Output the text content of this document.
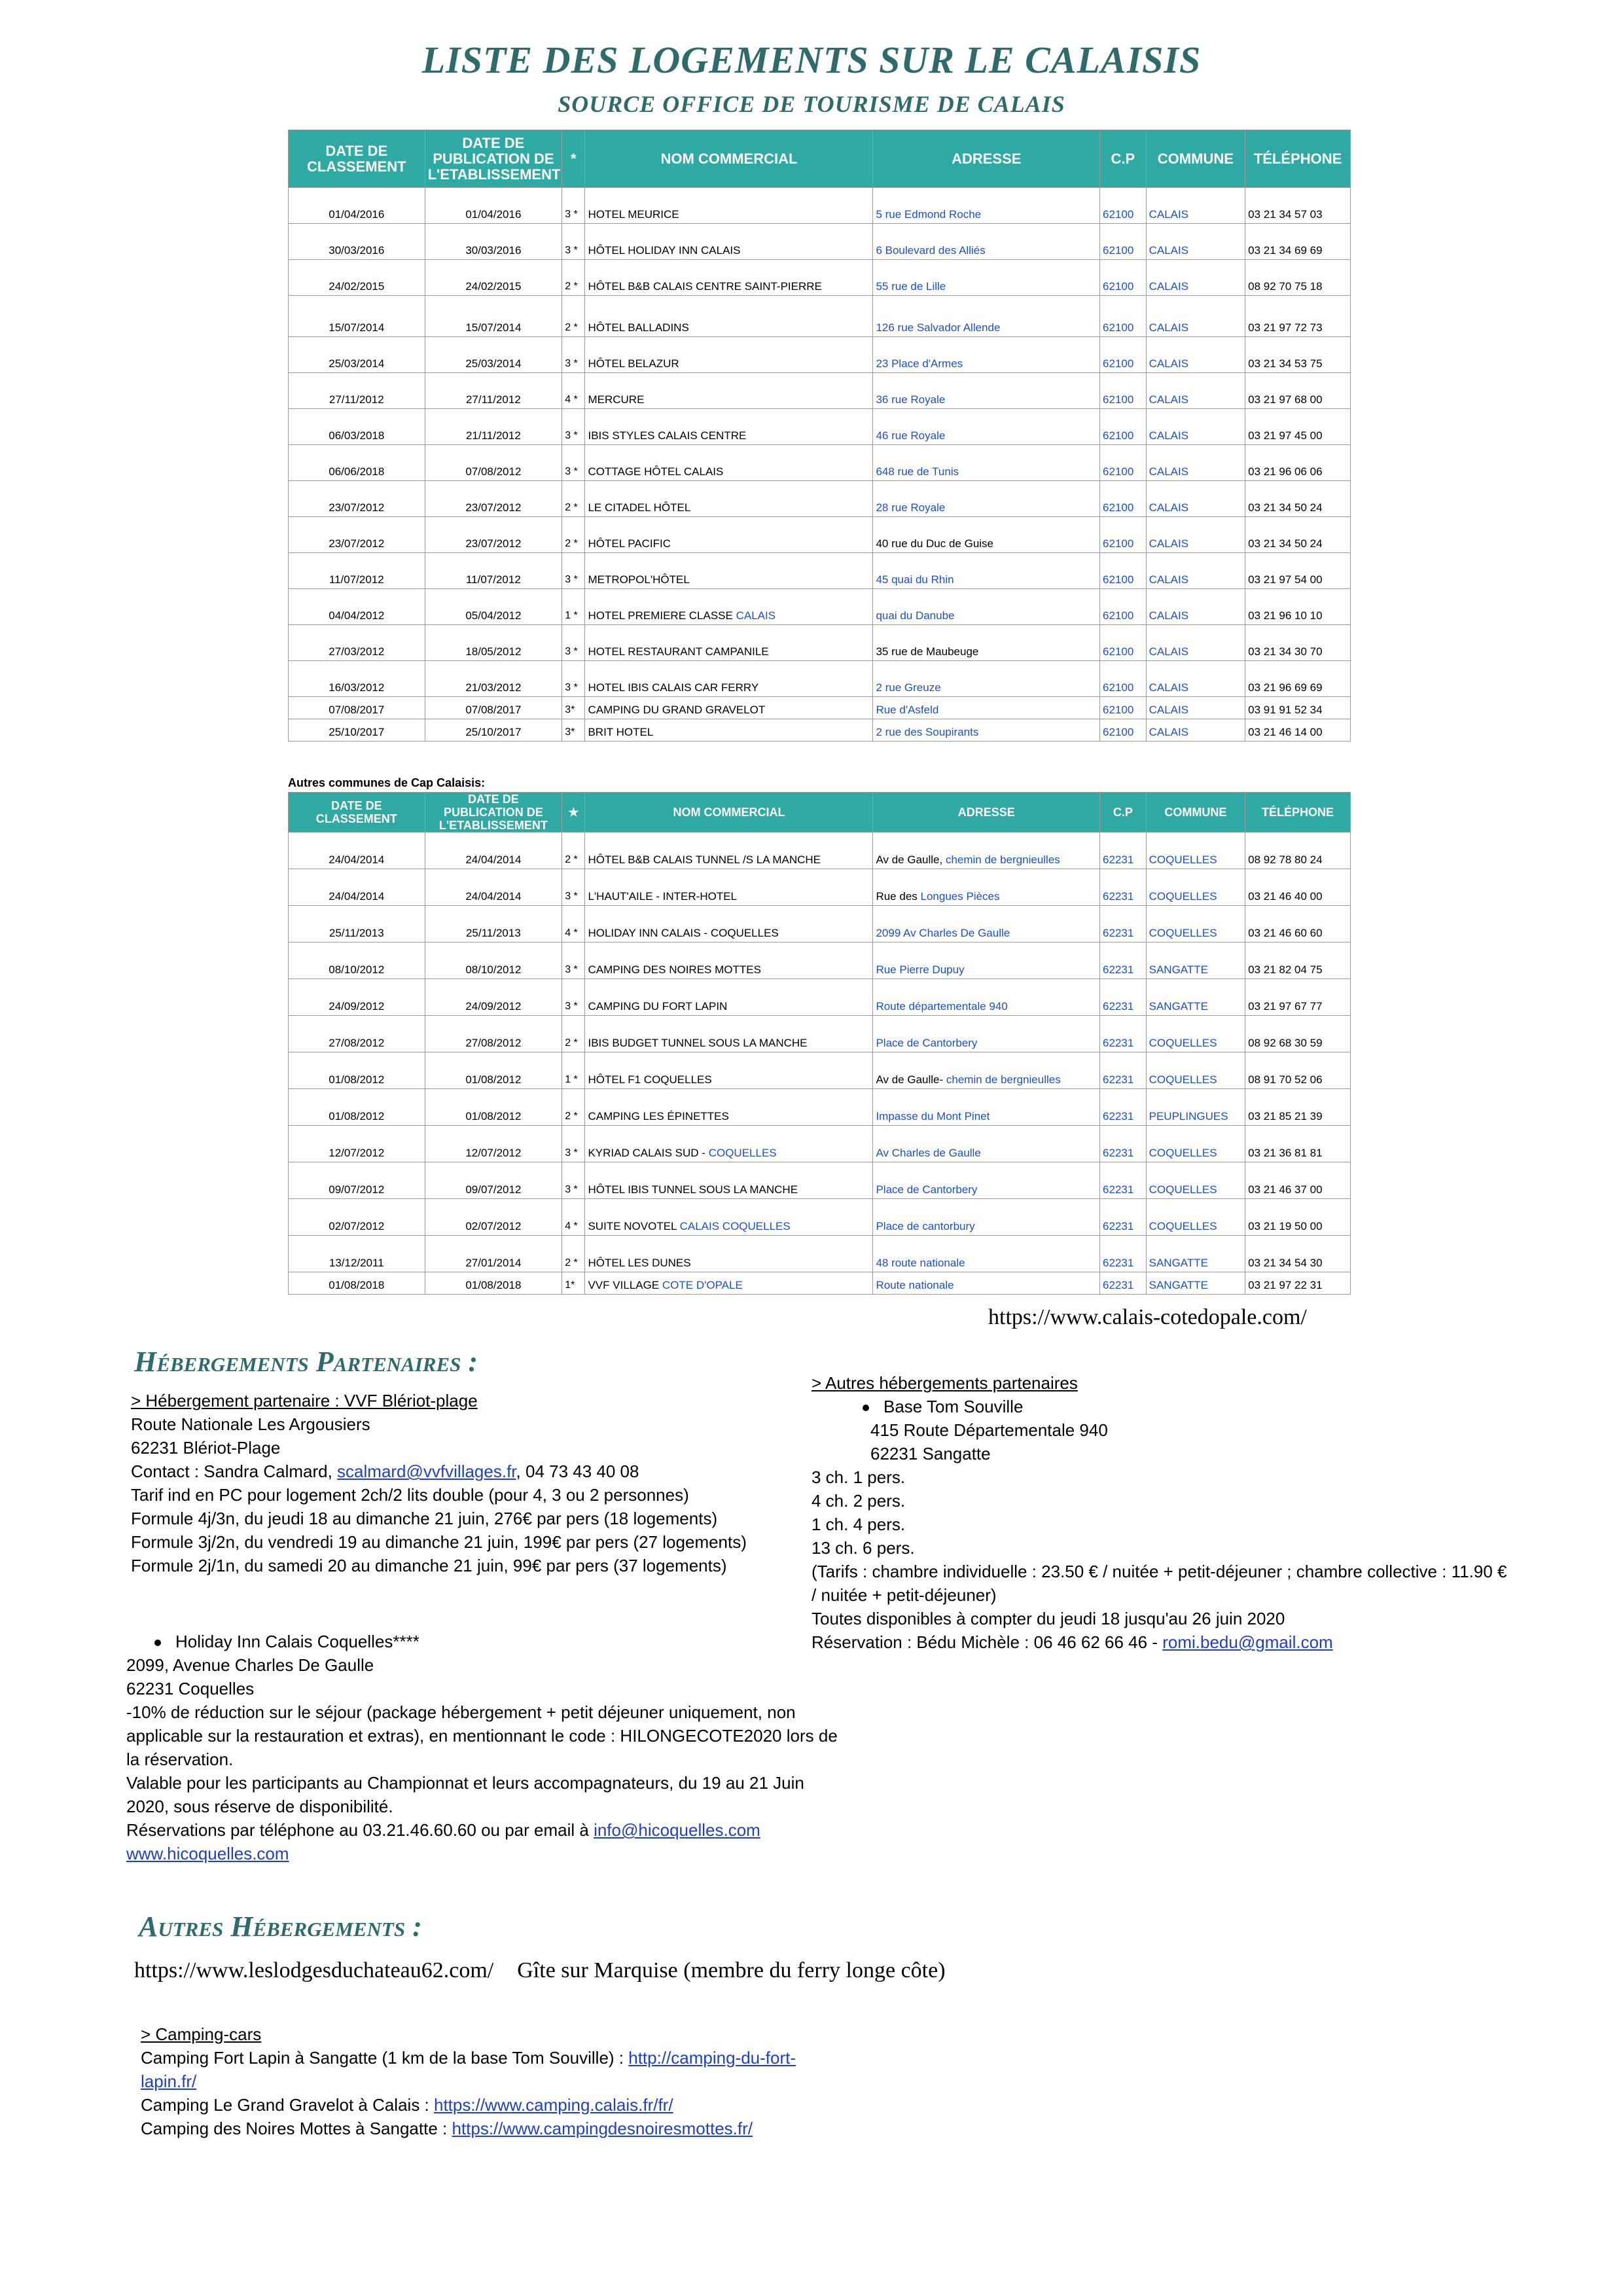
LISTE DES LOGEMENTS SUR LE CALAISIS
SOURCE OFFICE DE TOURISME DE CALAIS
DATE DE CLASSEMENT	DATE DE PUBLICATION DE L'ETABLISSEMENT	*	NOM COMMERCIAL	ADRESSE	C.P	COMMUNE	TÉLÉPHONE
01/04/2016	01/04/2016	3 *	HOTEL MEURICE	5 rue Edmond Roche	62100	CALAIS	03 21 34 57 03
30/03/2016	30/03/2016	3 *	HÔTEL HOLIDAY INN CALAIS	6 Boulevard des Alliés	62100	CALAIS	03 21 34 69 69
24/02/2015	24/02/2015	2 *	HÔTEL B&B CALAIS CENTRE SAINT-PIERRE	55 rue de Lille	62100	CALAIS	08 92 70 75 18
15/07/2014	15/07/2014	2 *	HÔTEL BALLADINS	126 rue Salvador Allende	62100	CALAIS	03 21 97 72 73
25/03/2014	25/03/2014	3 *	HÔTEL BELAZUR	23 Place d'Armes	62100	CALAIS	03 21 34 53 75
27/11/2012	27/11/2012	4 *	MERCURE	36 rue Royale	62100	CALAIS	03 21 97 68 00
06/03/2018	21/11/2012	3 *	IBIS STYLES CALAIS CENTRE	46 rue Royale	62100	CALAIS	03 21 97 45 00
06/06/2018	07/08/2012	3 *	COTTAGE HÔTEL CALAIS	648 rue de Tunis	62100	CALAIS	03 21 96 06 06
23/07/2012	23/07/2012	2 *	LE CITADEL HÔTEL	28 rue Royale	62100	CALAIS	03 21 34 50 24
23/07/2012	23/07/2012	2 *	HÔTEL PACIFIC	40 rue du Duc de Guise	62100	CALAIS	03 21 34 50 24
11/07/2012	11/07/2012	3 *	METROPOL'HÔTEL	45 quai du Rhin	62100	CALAIS	03 21 97 54 00
04/04/2012	05/04/2012	1 *	HOTEL PREMIERE CLASSE CALAIS	quai du Danube	62100	CALAIS	03 21 96 10 10
27/03/2012	18/05/2012	3 *	HOTEL RESTAURANT CAMPANILE	35 rue de Maubeuge	62100	CALAIS	03 21 34 30 70
16/03/2012	21/03/2012	3 *	HOTEL IBIS CALAIS CAR FERRY	2 rue Greuze	62100	CALAIS	03 21 96 69 69
07/08/2017	07/08/2017	3*	CAMPING DU GRAND GRAVELOT	Rue d'Asfeld	62100	CALAIS	03 91 91 52 34
25/10/2017	25/10/2017	3*	BRIT HOTEL	2 rue des Soupirants	62100	CALAIS	03 21 46 14 00
Autres communes de Cap Calaisis:
DATE DE CLASSEMENT	DATE DE PUBLICATION DE L'ETABLISSEMENT	★	NOM COMMERCIAL	ADRESSE	C.P	COMMUNE	TÉLÉPHONE
24/04/2014	24/04/2014	2 *	HÔTEL B&B CALAIS TUNNEL /S LA MANCHE	Av de Gaulle, chemin de bergnieulles	62231	COQUELLES	08 92 78 80 24
24/04/2014	24/04/2014	3 *	L'HAUT'AILE - INTER-HOTEL	Rue des Longues Pièces	62231	COQUELLES	03 21 46 40 00
25/11/2013	25/11/2013	4 *	HOLIDAY INN CALAIS - COQUELLES	2099 Av Charles De Gaulle	62231	COQUELLES	03 21 46 60 60
08/10/2012	08/10/2012	3 *	CAMPING DES NOIRES MOTTES	Rue Pierre Dupuy	62231	SANGATTE	03 21 82 04 75
24/09/2012	24/09/2012	3 *	CAMPING DU FORT LAPIN	Route départementale 940	62231	SANGATTE	03 21 97 67 77
27/08/2012	27/08/2012	2 *	IBIS BUDGET TUNNEL SOUS LA MANCHE	Place de Cantorbery	62231	COQUELLES	08 92 68 30 59
01/08/2012	01/08/2012	1 *	HÔTEL F1 COQUELLES	Av de Gaulle- chemin de bergnieulles	62231	COQUELLES	08 91 70 52 06
01/08/2012	01/08/2012	2 *	CAMPING LES ÉPINETTES	Impasse du Mont Pinet	62231	PEUPLINGUES	03 21 85 21 39
12/07/2012	12/07/2012	3 *	KYRIAD CALAIS SUD - COQUELLES	Av Charles de Gaulle	62231	COQUELLES	03 21 36 81 81
09/07/2012	09/07/2012	3 *	HÔTEL IBIS TUNNEL SOUS LA MANCHE	Place de Cantorbery	62231	COQUELLES	03 21 46 37 00
02/07/2012	02/07/2012	4 *	SUITE NOVOTEL CALAIS COQUELLES	Place de cantorbury	62231	COQUELLES	03 21 19 50 00
13/12/2011	27/01/2014	2 *	HÔTEL LES DUNES	48 route nationale	62231	SANGATTE	03 21 34 54 30
01/08/2018	01/08/2018	1*	VVF VILLAGE COTE D'OPALE	Route nationale	62231	SANGATTE	03 21 97 22 31
https://www.calais-cotedopale.com/
Hébergements Partenaires :
> Hébergement partenaire : VVF Blériot-plage
Route Nationale Les Argousiers
62231 Blériot-Plage
Contact : Sandra Calmard, scalmard@vvfvillages.fr, 04 73 43 40 08
Tarif ind en PC pour logement 2ch/2 lits double (pour 4, 3 ou 2 personnes)
Formule 4j/3n, du jeudi 18 au dimanche 21 juin, 276€ par pers (18 logements)
Formule 3j/2n, du vendredi 19 au dimanche 21 juin, 199€ par pers (27 logements)
Formule 2j/1n, du samedi 20 au dimanche 21 juin, 99€ par pers (37 logements)
Holiday Inn Calais Coquelles****
2099, Avenue Charles De Gaulle
62231 Coquelles
-10% de réduction sur le séjour (package hébergement + petit déjeuner uniquement, non
applicable sur la restauration et extras), en mentionnant le code : HILONGECOTE2020 lors de
la réservation.
Valable pour les participants au Championnat et leurs accompagnateurs, du 19 au 21 Juin
2020, sous réserve de disponibilité.
Réservations par téléphone au 03.21.46.60.60 ou par email à info@hicoquelles.com
www.hicoquelles.com
> Autres hébergements partenaires
Base Tom Souville
415 Route Départementale 940
62231 Sangatte
3 ch. 1 pers.
4 ch. 2 pers.
1 ch. 4 pers.
13 ch. 6 pers.
(Tarifs : chambre individuelle : 23.50 € / nuitée + petit-déjeuner ; chambre collective : 11.90 €
/ nuitée + petit-déjeuner)
Toutes disponibles à compter du jeudi 18 jusqu'au 26 juin 2020
Réservation : Bédu Michèle : 06 46 62 66 46 - romi.bedu@gmail.com
Autres Hébergements :
https://www.leslodgesduchateau62.com/ Gîte sur Marquise (membre du ferry longe côte)
> Camping-cars
Camping Fort Lapin à Sangatte (1 km de la base Tom Souville) : http://camping-du-fort-
lapin.fr/
Camping Le Grand Gravelot à Calais : https://www.camping.calais.fr/fr/
Camping des Noires Mottes à Sangatte : https://www.campingdesnoiresmottes.fr/
